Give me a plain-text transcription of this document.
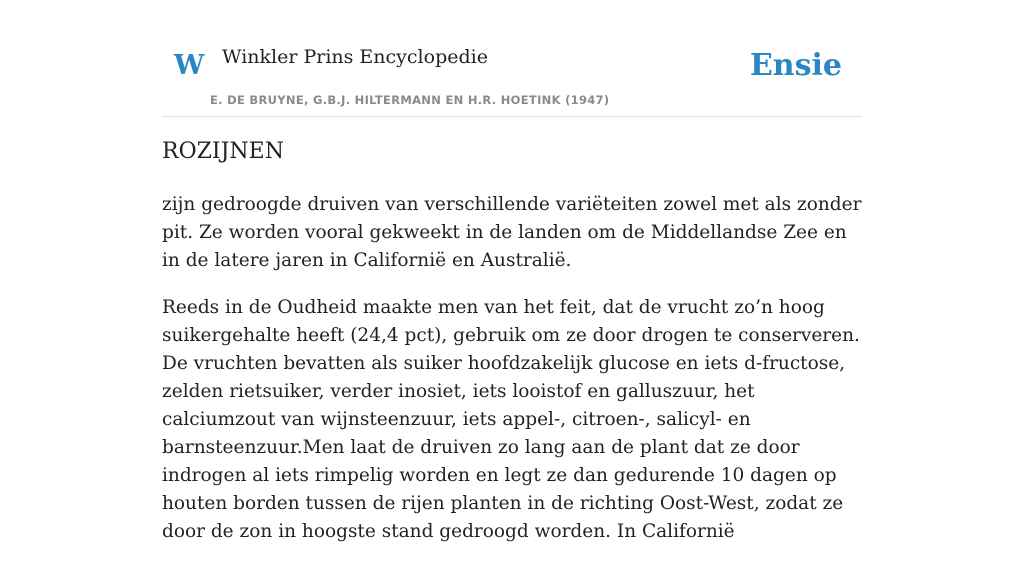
W Winkler Prins Encyclopedie
E. DE BRUYNE, G.B.J. HILTERMANN EN H.R. HOETINK (1947)
Ensie
ROZIJNEN

zijn gedroogde druiven van verschillende variëteiten zowel met als zonder pit. Ze worden vooral gekweekt in de landen om de Middellandse Zee en in de latere jaren in Californië en Australië.

Reeds in de Oudheid maakte men van het feit, dat de vrucht zo’n hoog suikergehalte heeft (24,4 pct), gebruik om ze door drogen te conserveren. De vruchten bevatten als suiker hoofdzakelijk glucose en iets d-fructose, zelden rietsuiker, verder inosiet, iets looistof en galluszuur, het calciumzout van wijnsteenzuur, iets appel-, citroen-, salicyl- en barnsteenzuur.Men laat de druiven zo lang aan de plant dat ze door indrogen al iets rimpelig worden en legt ze dan gedurende 10 dagen op houten borden tussen de rijen planten in de richting Oost-West, zodat ze door de zon in hoogste stand gedroogd worden. In Californië
